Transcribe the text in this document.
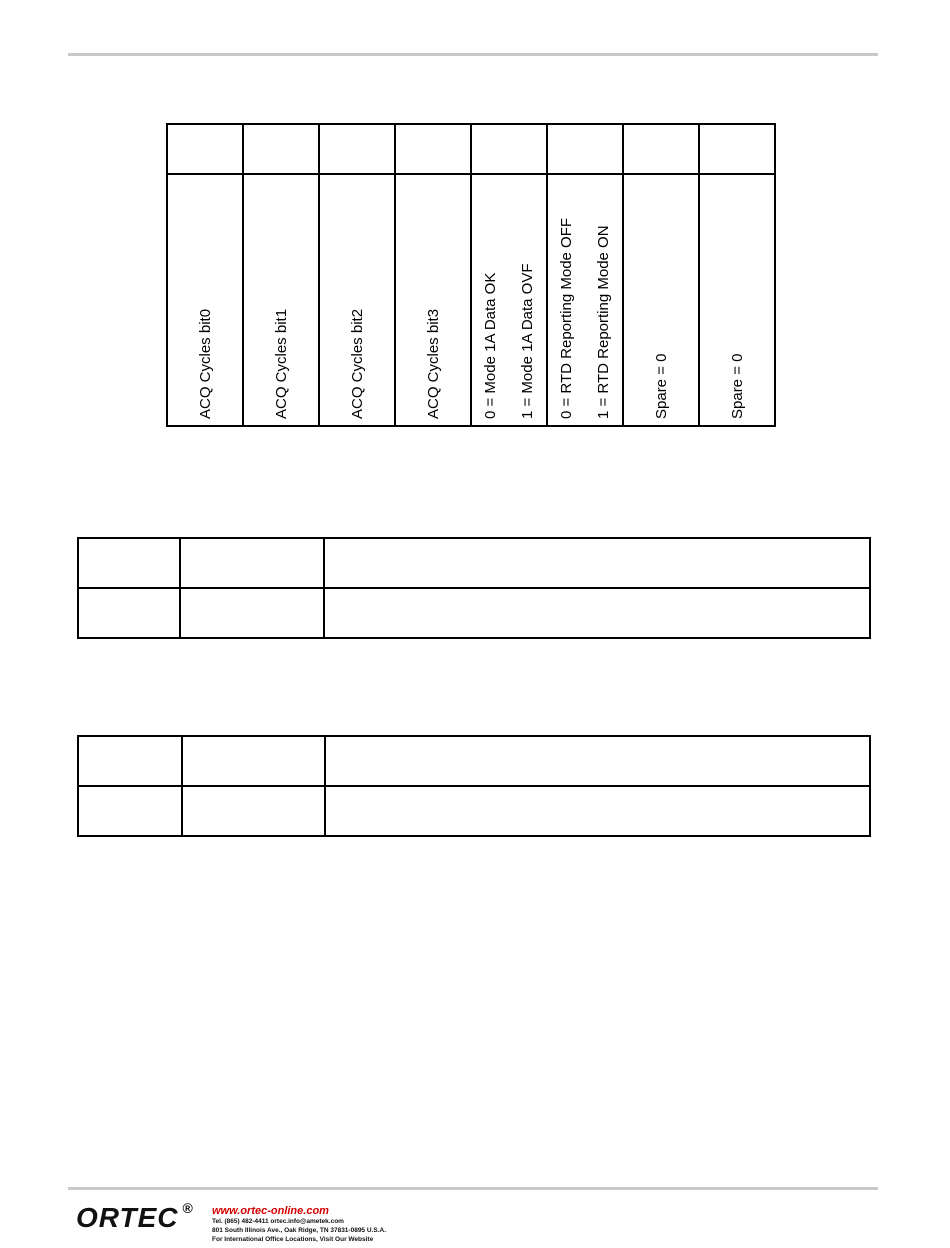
ACQ Cycles bit0	ACQ Cycles bit1	ACQ Cycles bit2	ACQ Cycles bit3	0 = Mode 1A Data OK 1 = Mode 1A Data OVF	0 = RTD Reporting Mode OFF 1 = RTD Reporting Mode ON	Spare = 0	Spare = 0

ORTEC ® www.ortec-online.com
Tel. (865) 482-4411 ortec.info@ametek.com
801 South Illinois Ave., Oak Ridge, TN 37831-0895 U.S.A.
For International Office Locations, Visit Our Website
